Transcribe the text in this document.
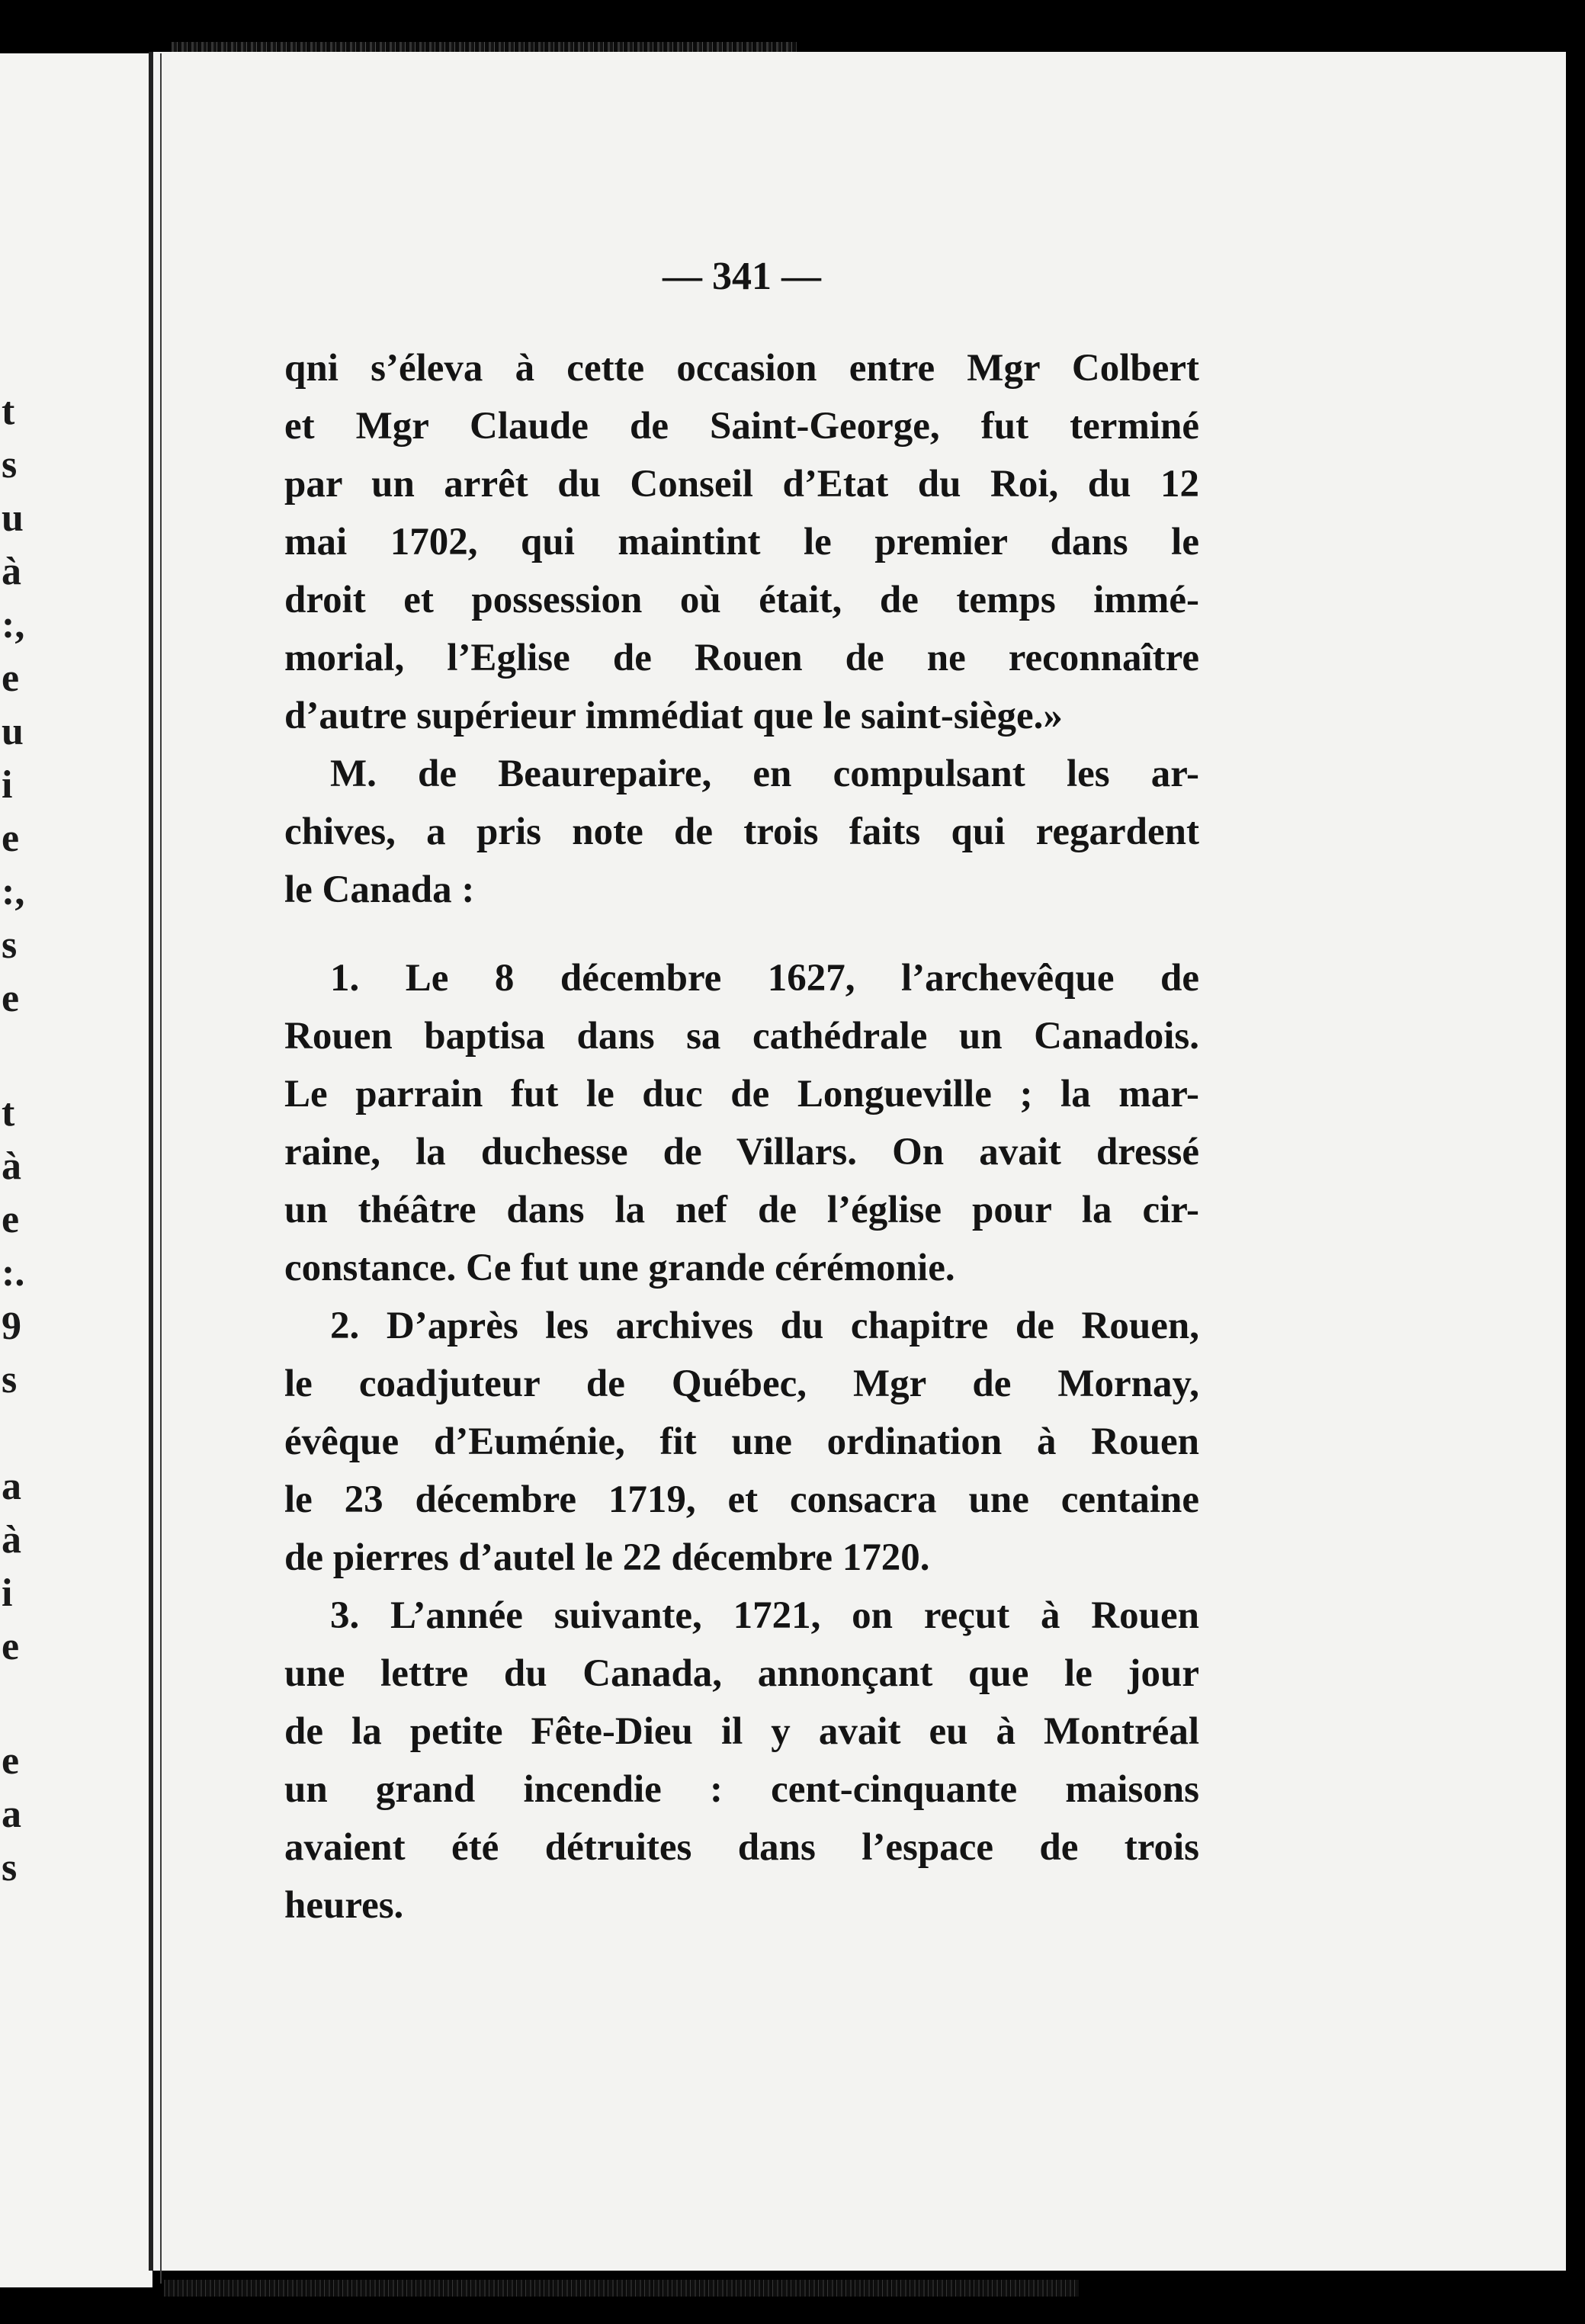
t
s
u
à
:,
e
u
i
e
:,
s
e
t
à
e
:.
9
s
a
à
i
e
e
a
s
— 341 —
qni s’éleva à cette occasion entre Mgr Colbert
et Mgr Claude de Saint-George, fut terminé
par un arrêt du Conseil d’Etat du Roi, du 12
mai 1702, qui maintint le premier dans le
droit et possession où était, de temps immé-
morial, l’Eglise de Rouen de ne reconnaître
d’autre supérieur immédiat que le saint-siège.»
M. de Beaurepaire, en compulsant les ar-
chives, a pris note de trois faits qui regardent
le Canada :
1. Le 8 décembre 1627, l’archevêque de
Rouen baptisa dans sa cathédrale un Canadois.
Le parrain fut le duc de Longueville ; la mar-
raine, la duchesse de Villars. On avait dressé
un théâtre dans la nef de l’église pour la cir-
constance. Ce fut une grande cérémonie.
2. D’après les archives du chapitre de Rouen,
le coadjuteur de Québec, Mgr de Mornay,
évêque d’Euménie, fit une ordination à Rouen
le 23 décembre 1719, et consacra une centaine
de pierres d’autel le 22 décembre 1720.
3. L’année suivante, 1721, on reçut à Rouen
une lettre du Canada, annonçant que le jour
de la petite Fête-Dieu il y avait eu à Montréal
un grand incendie : cent-cinquante maisons
avaient été détruites dans l’espace de trois
heures.
